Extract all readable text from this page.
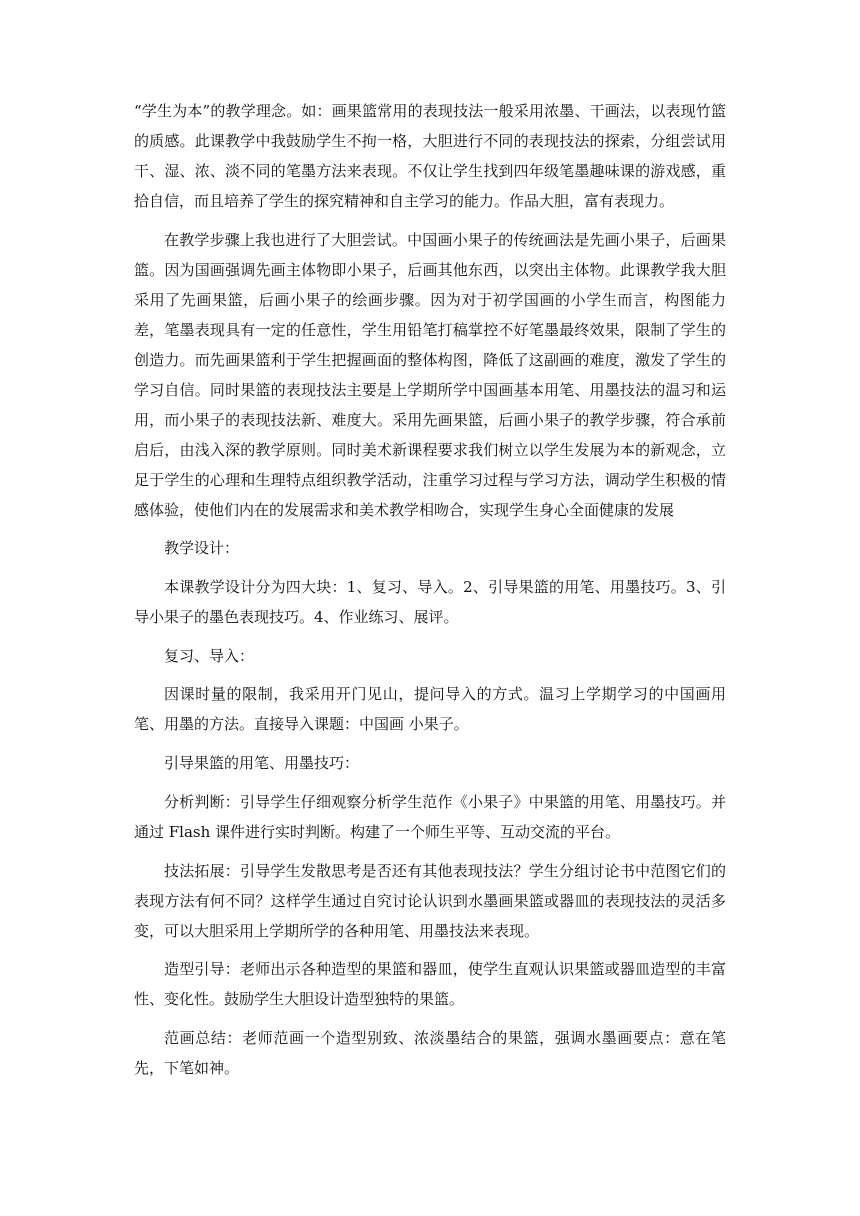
“学生为本”的教学理念。如：画果篮常用的表现技法一般采用浓墨、干画法，以表现竹篮的质感。此课教学中我鼓励学生不拘一格，大胆进行不同的表现技法的探索，分组尝试用干、湿、浓、淡不同的笔墨方法来表现。不仅让学生找到四年级笔墨趣味课的游戏感，重拾自信，而且培养了学生的探究精神和自主学习的能力。作品大胆，富有表现力。

在教学步骤上我也进行了大胆尝试。中国画小果子的传统画法是先画小果子，后画果篮。因为国画强调先画主体物即小果子，后画其他东西，以突出主体物。此课教学我大胆采用了先画果篮，后画小果子的绘画步骤。因为对于初学国画的小学生而言，构图能力差，笔墨表现具有一定的任意性，学生用铅笔打稿掌控不好笔墨最终效果，限制了学生的创造力。而先画果篮利于学生把握画面的整体构图，降低了这副画的难度，激发了学生的学习自信。同时果篮的表现技法主要是上学期所学中国画基本用笔、用墨技法的温习和运用，而小果子的表现技法新、难度大。采用先画果篮，后画小果子的教学步骤，符合承前启后，由浅入深的教学原则。同时美术新课程要求我们树立以学生发展为本的新观念，立足于学生的心理和生理特点组织教学活动，注重学习过程与学习方法，调动学生积极的情感体验，使他们内在的发展需求和美术教学相吻合，实现学生身心全面健康的发展

教学设计：

本课教学设计分为四大块：1、复习、导入。2、引导果篮的用笔、用墨技巧。3、引导小果子的墨色表现技巧。4、作业练习、展评。

复习、导入：

因课时量的限制，我采用开门见山，提问导入的方式。温习上学期学习的中国画用笔、用墨的方法。直接导入课题：中国画 小果子。

引导果篮的用笔、用墨技巧：

分析判断：引导学生仔细观察分析学生范作《小果子》中果篮的用笔、用墨技巧。并通过 Flash 课件进行实时判断。构建了一个师生平等、互动交流的平台。

技法拓展：引导学生发散思考是否还有其他表现技法？学生分组讨论书中范图它们的表现方法有何不同？这样学生通过自究讨论认识到水墨画果篮或器皿的表现技法的灵活多变，可以大胆采用上学期所学的各种用笔、用墨技法来表现。

造型引导：老师出示各种造型的果篮和器皿，使学生直观认识果篮或器皿造型的丰富性、变化性。鼓励学生大胆设计造型独特的果篮。

范画总结：老师范画一个造型别致、浓淡墨结合的果篮，强调水墨画要点：意在笔先，下笔如神。
